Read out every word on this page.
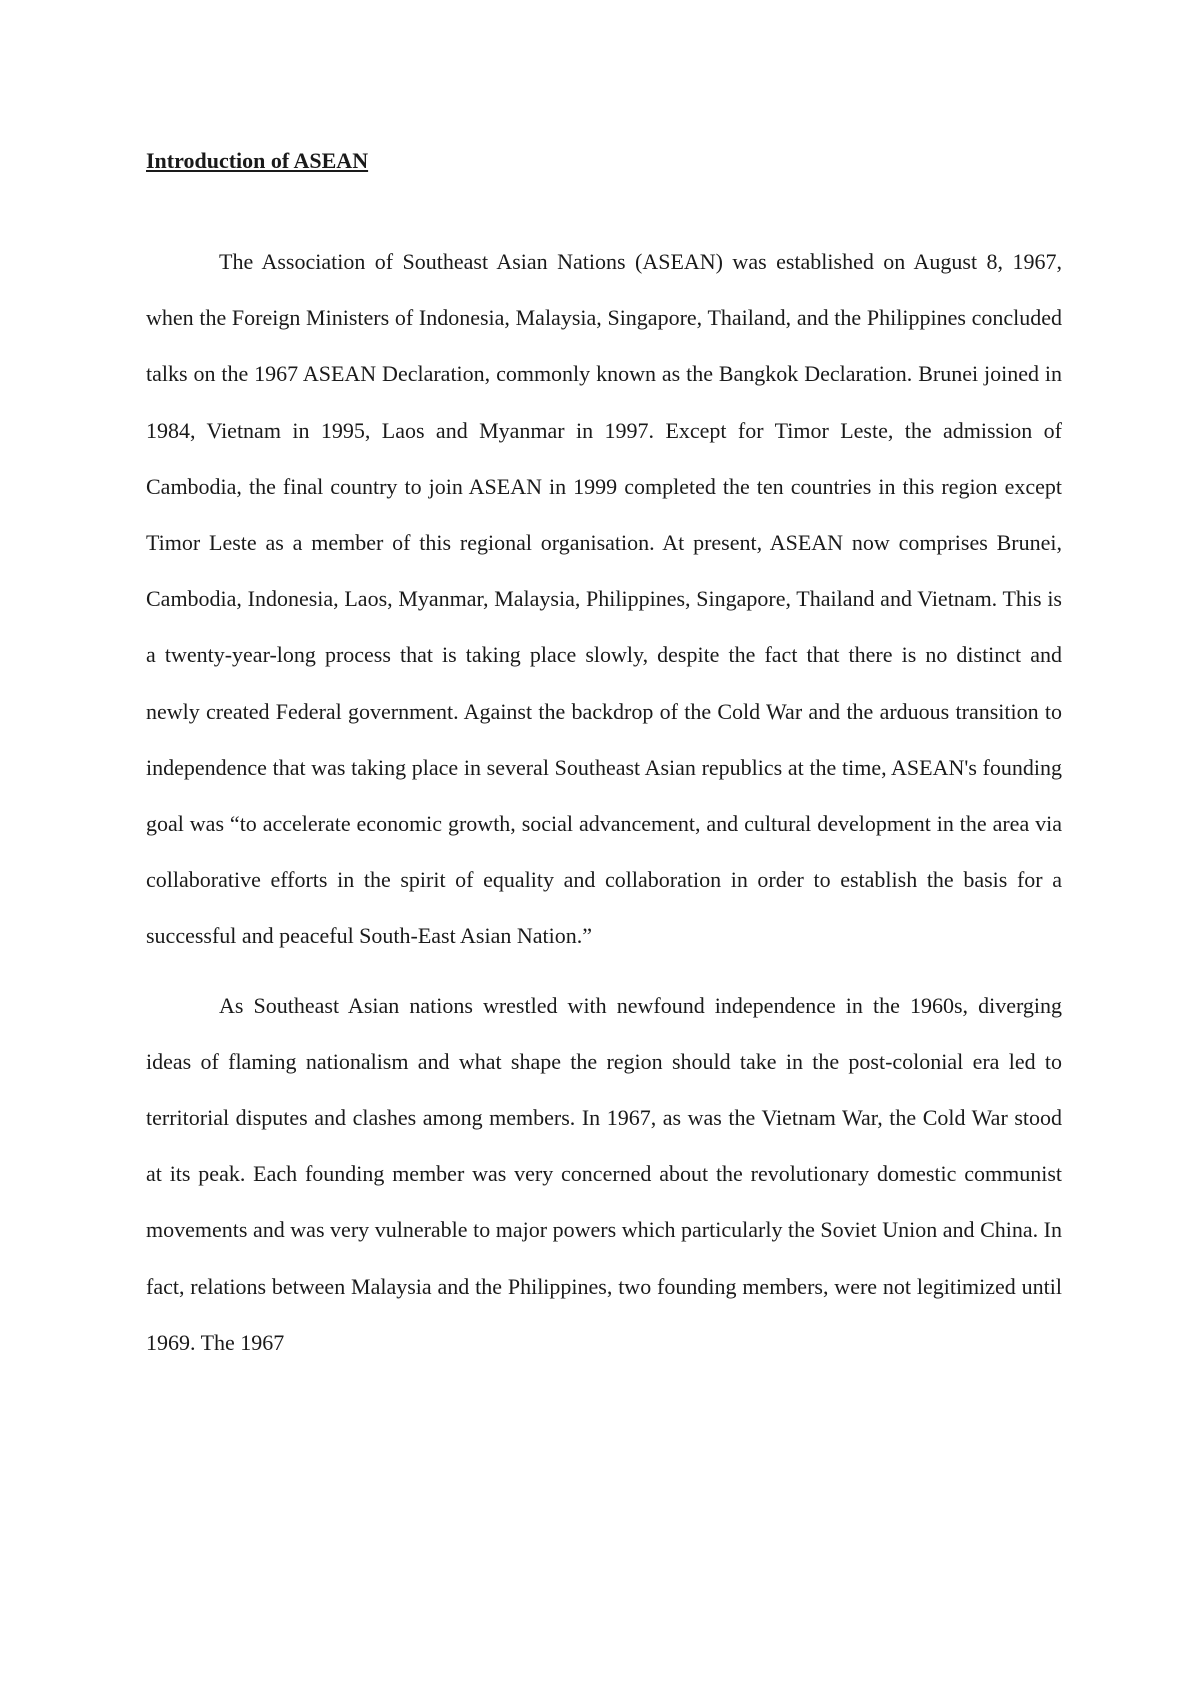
Introduction of ASEAN

The Association of Southeast Asian Nations (ASEAN) was established on August 8, 1967, when the Foreign Ministers of Indonesia, Malaysia, Singapore, Thailand, and the Philippines concluded talks on the 1967 ASEAN Declaration, commonly known as the Bangkok Declaration. Brunei joined in 1984, Vietnam in 1995, Laos and Myanmar in 1997. Except for Timor Leste, the admission of Cambodia, the final country to join ASEAN in 1999 completed the ten countries in this region except Timor Leste as a member of this regional organisation. At present, ASEAN now comprises Brunei, Cambodia, Indonesia, Laos, Myanmar, Malaysia, Philippines, Singapore, Thailand and Vietnam. This is a twenty-year-long process that is taking place slowly, despite the fact that there is no distinct and newly created Federal government. Against the backdrop of the Cold War and the arduous transition to independence that was taking place in several Southeast Asian republics at the time, ASEAN's founding goal was “to accelerate economic growth, social advancement, and cultural development in the area via collaborative efforts in the spirit of equality and collaboration in order to establish the basis for a successful and peaceful South-East Asian Nation.”

As Southeast Asian nations wrestled with newfound independence in the 1960s, diverging ideas of flaming nationalism and what shape the region should take in the post-colonial era led to territorial disputes and clashes among members. In 1967, as was the Vietnam War, the Cold War stood at its peak. Each founding member was very concerned about the revolutionary domestic communist movements and was very vulnerable to major powers which particularly the Soviet Union and China. In fact, relations between Malaysia and the Philippines, two founding members, were not legitimized until 1969. The 1967
